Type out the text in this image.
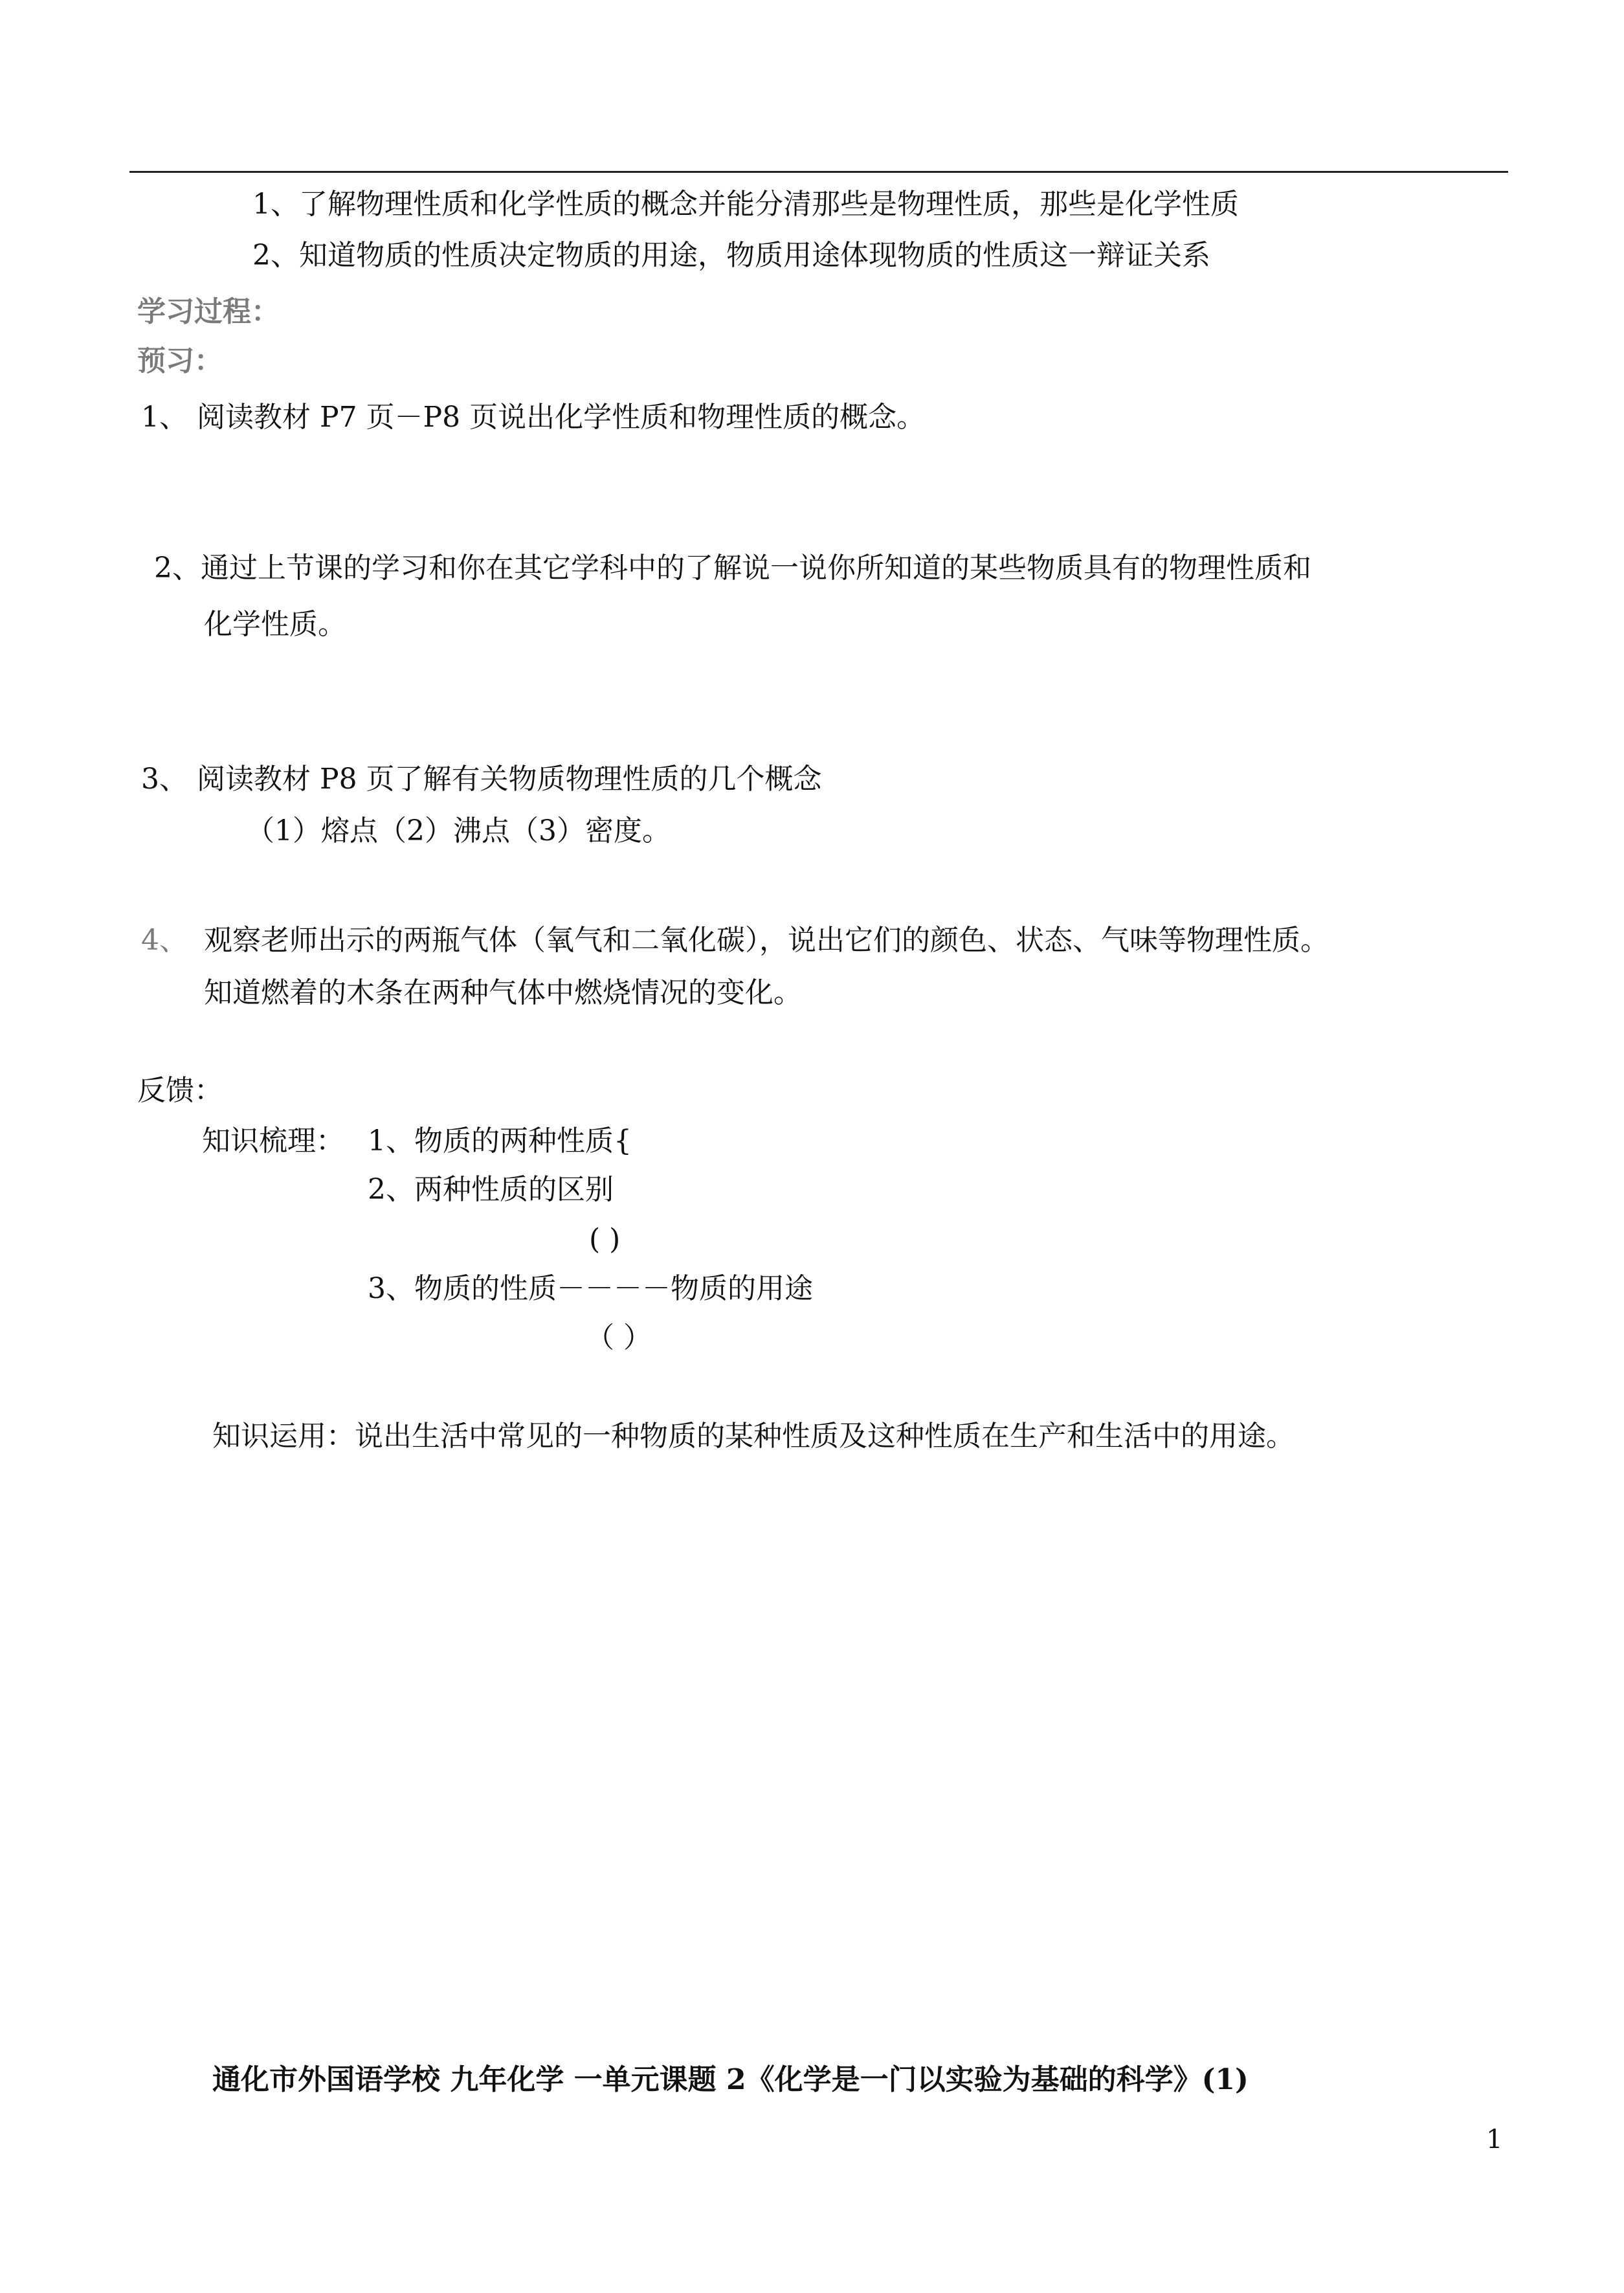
1、了解物理性质和化学性质的概念并能分清那些是物理性质，那些是化学性质
2、知道物质的性质决定物质的用途，物质用途体现物质的性质这一辩证关系
学习过程：
预习：
1、 阅读教材 P7 页－P8 页说出化学性质和物理性质的概念。
2、通过上节课的学习和你在其它学科中的了解说一说你所知道的某些物质具有的物理性质和
化学性质。
3、 阅读教材 P8 页了解有关物质物理性质的几个概念
（1）熔点（2）沸点（3）密度。
4、 观察老师出示的两瓶气体（氧气和二氧化碳），说出它们的颜色、状态、气味等物理性质。
知道燃着的木条在两种气体中燃烧情况的变化。
反馈：
知识梳理： 1、物质的两种性质{
2、两种性质的区别
( )
3、物质的性质－－－－物质的用途
（ ）
知识运用：说出生活中常见的一种物质的某种性质及这种性质在生产和生活中的用途。
通化市外国语学校 九年化学 一单元课题 2《化学是一门以实验为基础的科学》(1)
1
